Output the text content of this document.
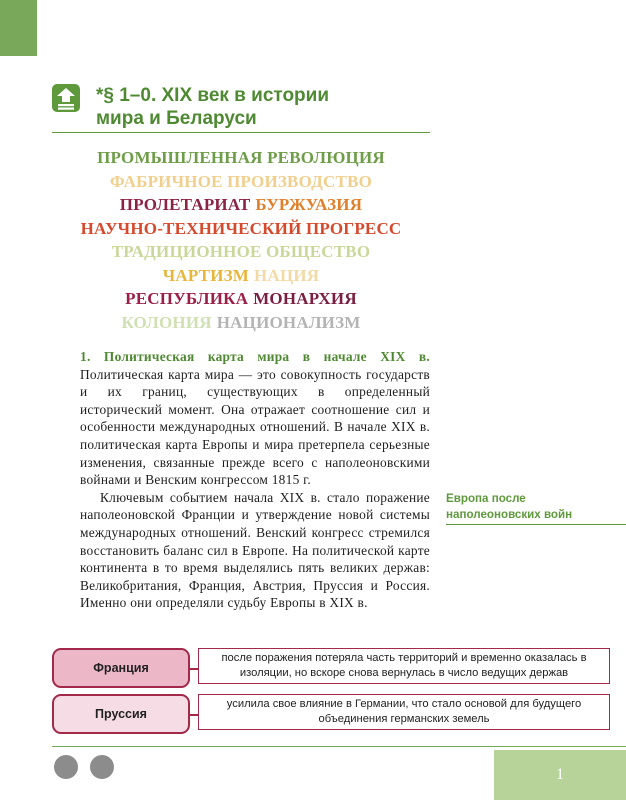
*§ 1–0. XIX век в истории
мира и Беларуси
ПРОМЫШЛЕННАЯ РЕВОЛЮЦИЯ
ФАБРИЧНОЕ ПРОИЗВОДСТВО
ПРОЛЕТАРИАТ БУРЖУАЗИЯ
НАУЧНО-ТЕХНИЧЕСКИЙ ПРОГРЕСС
ТРАДИЦИОННОЕ ОБЩЕСТВО
ЧАРТИЗМ НАЦИЯ
РЕСПУБЛИКА МОНАРХИЯ
КОЛОНИЯ НАЦИОНАЛИЗМ

1. Политическая карта мира в начале XIX в. Политическая карта мира — это совокупность государств и их границ, существующих в определенный исторический момент. Она отражает соотношение сил и особенности международных отношений. В начале XIX в. политическая карта Европы и мира претерпела серьезные изменения, связанные прежде всего с наполеоновскими войнами и Венским конгрессом 1815 г.

Ключевым событием начала XIX в. стало поражение наполеоновской Франции и утверждение новой системы международных отношений. Венский конгресс стремился восстановить баланс сил в Европе. На политической карте континента в то время выделялись пять великих держав: Великобритания, Франция, Австрия, Пруссия и Россия. Именно они определяли судьбу Европы в XIX в.

Европа после
наполеоновских войн
Франция
после поражения потеряла часть территорий и временно оказалась в изоляции, но вскоре снова вернулась в число ведущих держав
Пруссия
усилила свое влияние в Германии, что стало основой для будущего объединения германских земель
1
